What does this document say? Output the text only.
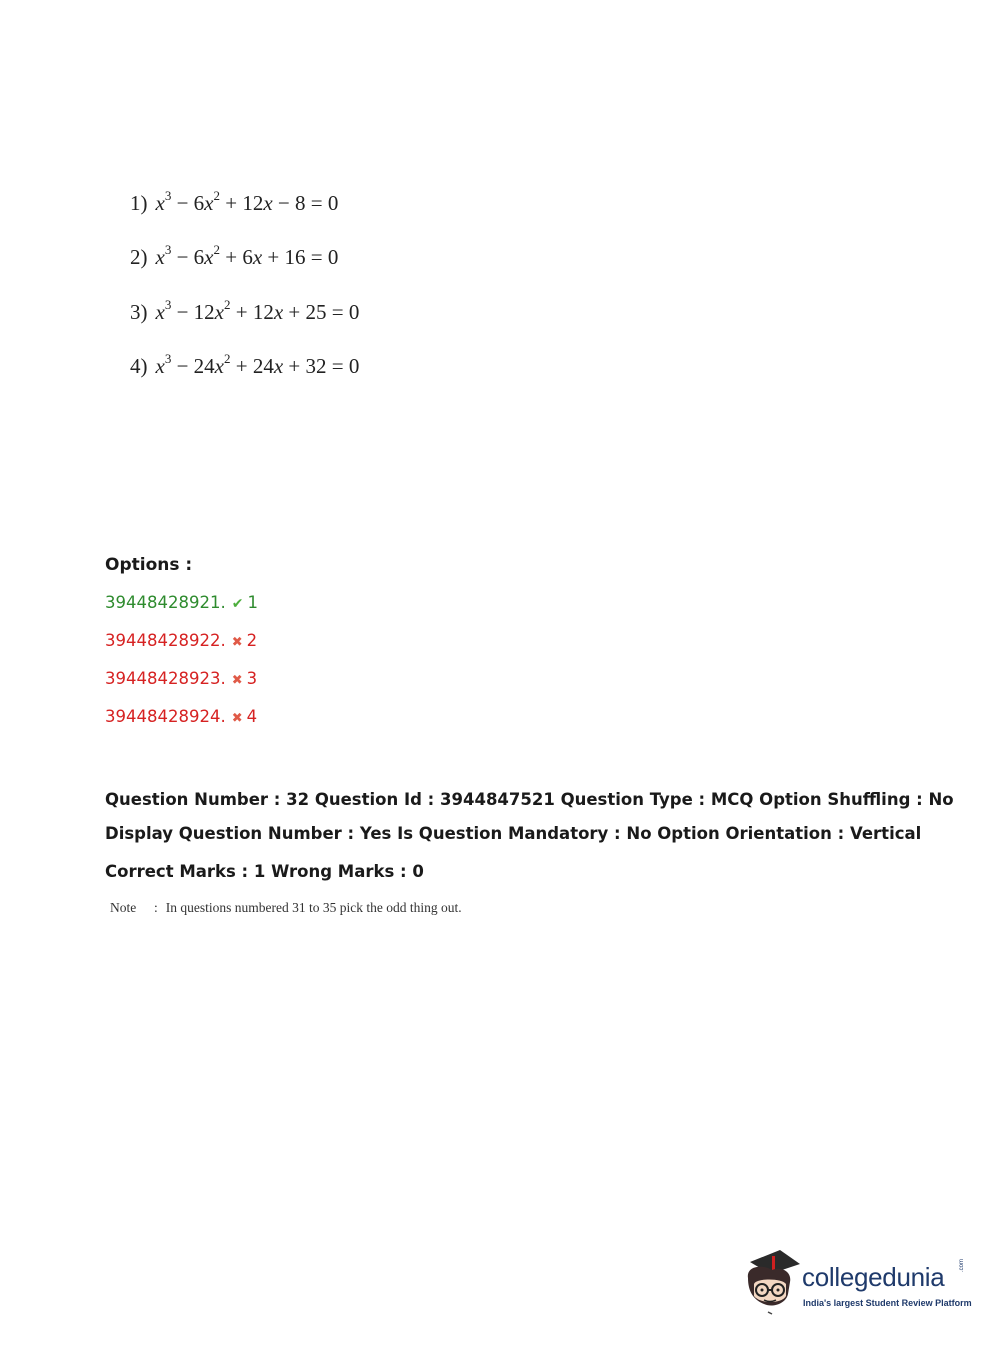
1) $x^3 - 6x^2 + 12x - 8 = 0$
2) $x^3 - 6x^2 + 6x + 16 = 0$
3) $x^3 - 12x^2 + 12x + 25 = 0$
4) $x^3 - 24x^2 + 24x + 32 = 0$
Options :
39448428921. ✔ 1
39448428922. ✖ 2
39448428923. ✖ 3
39448428924. ✖ 4
Question Number : 32 Question Id : 3944847521 Question Type : MCQ Option Shuffling : No
Display Question Number : Yes Is Question Mandatory : No Option Orientation : Vertical
Correct Marks : 1 Wrong Marks : 0
Note : In questions numbered 31 to 35 pick the odd thing out.
collegedunia .com
India's largest Student Review Platform
